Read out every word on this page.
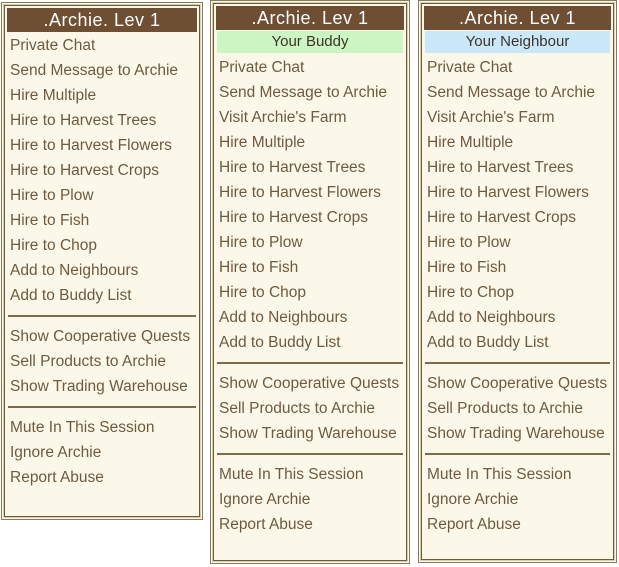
.Archie. Lev 1
Private Chat
Send Message to Archie
Hire Multiple
Hire to Harvest Trees
Hire to Harvest Flowers
Hire to Harvest Crops
Hire to Plow
Hire to Fish
Hire to Chop
Add to Neighbours
Add to Buddy List
Show Cooperative Quests
Sell Products to Archie
Show Trading Warehouse
Mute In This Session
Ignore Archie
Report Abuse
.Archie. Lev 1
Your Buddy
Private Chat
Send Message to Archie
Visit Archie's Farm
Hire Multiple
Hire to Harvest Trees
Hire to Harvest Flowers
Hire to Harvest Crops
Hire to Plow
Hire to Fish
Hire to Chop
Add to Neighbours
Add to Buddy List
Show Cooperative Quests
Sell Products to Archie
Show Trading Warehouse
Mute In This Session
Ignore Archie
Report Abuse
.Archie. Lev 1
Your Neighbour
Private Chat
Send Message to Archie
Visit Archie's Farm
Hire Multiple
Hire to Harvest Trees
Hire to Harvest Flowers
Hire to Harvest Crops
Hire to Plow
Hire to Fish
Hire to Chop
Add to Neighbours
Add to Buddy List
Show Cooperative Quests
Sell Products to Archie
Show Trading Warehouse
Mute In This Session
Ignore Archie
Report Abuse
